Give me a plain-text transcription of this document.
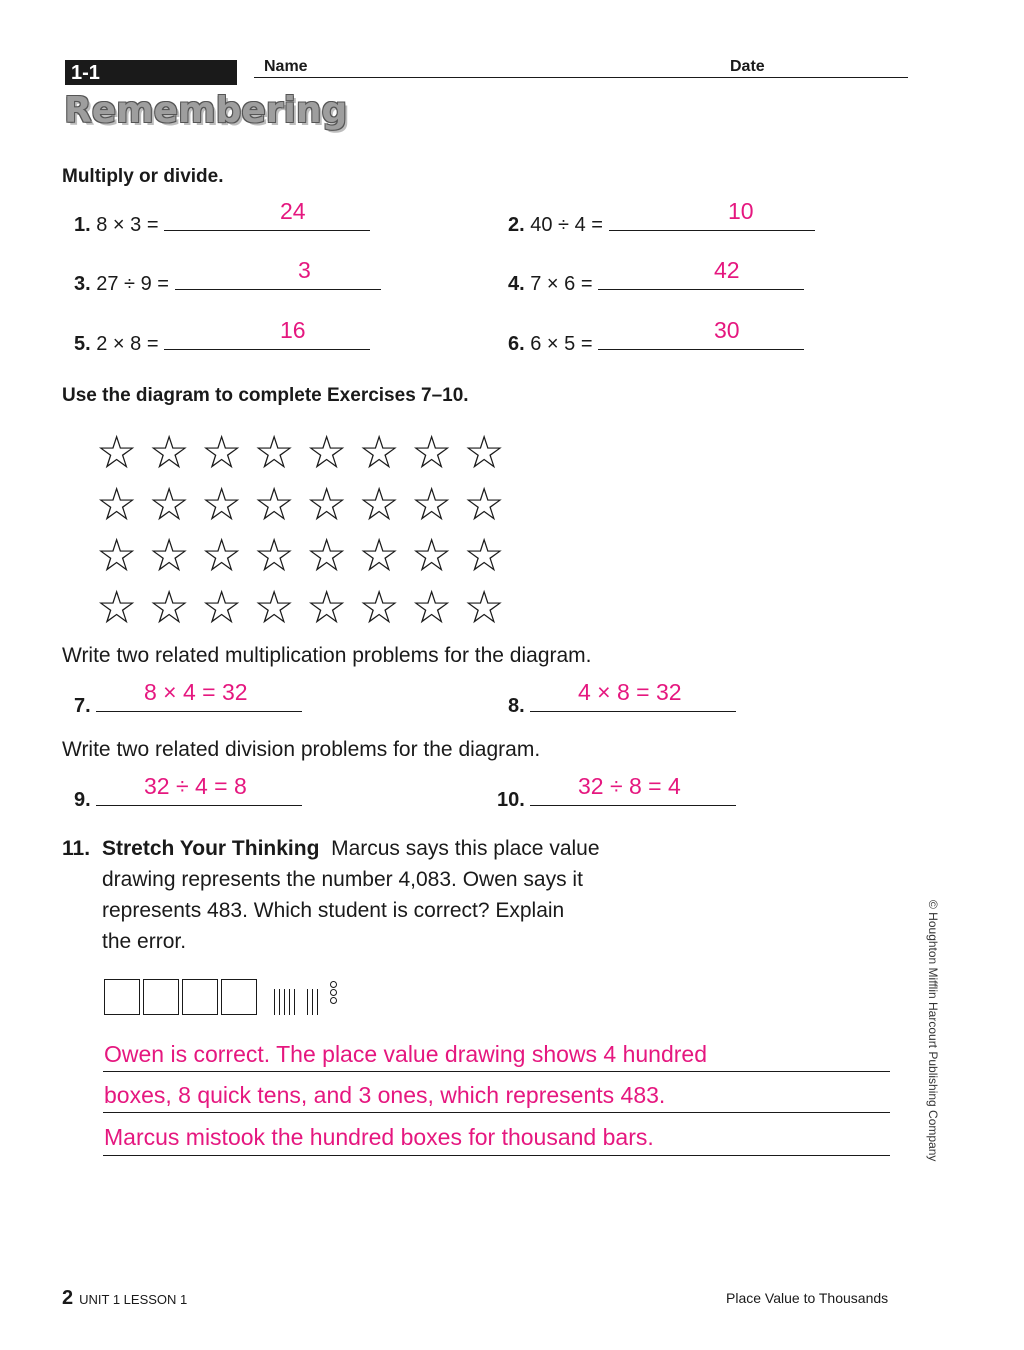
1-1	Name	Date
Remembering
Multiply or divide.
1. 8 × 3 =
24
2. 40 ÷ 4 =
10
3. 27 ÷ 9 =
3
4. 7 × 6 =
42
5. 2 × 8 =
16
6. 6 × 5 =
30
Use the diagram to complete Exercises 7–10.
☆ ☆ ☆ ☆ ☆ ☆ ☆ ☆
☆ ☆ ☆ ☆ ☆ ☆ ☆ ☆
☆ ☆ ☆ ☆ ☆ ☆ ☆ ☆
☆ ☆ ☆ ☆ ☆ ☆ ☆ ☆
Write two related multiplication problems for the diagram.
7.
8 × 4 = 32
8.
4 × 8 = 32
Write two related division problems for the diagram.
9.
32 ÷ 4 = 8
10.
32 ÷ 8 = 4
11. Stretch Your Thinking Marcus says this place value
drawing represents the number 4,083. Owen says it
represents 483. Which student is correct? Explain
the error.
Owen is correct. The place value drawing shows 4 hundred
boxes, 8 quick tens, and 3 ones, which represents 483.
Marcus mistook the hundred boxes for thousand bars.	© Houghton Mifflin Harcourt Publishing Company
2 UNIT 1 LESSON 1	Place Value to Thousands
